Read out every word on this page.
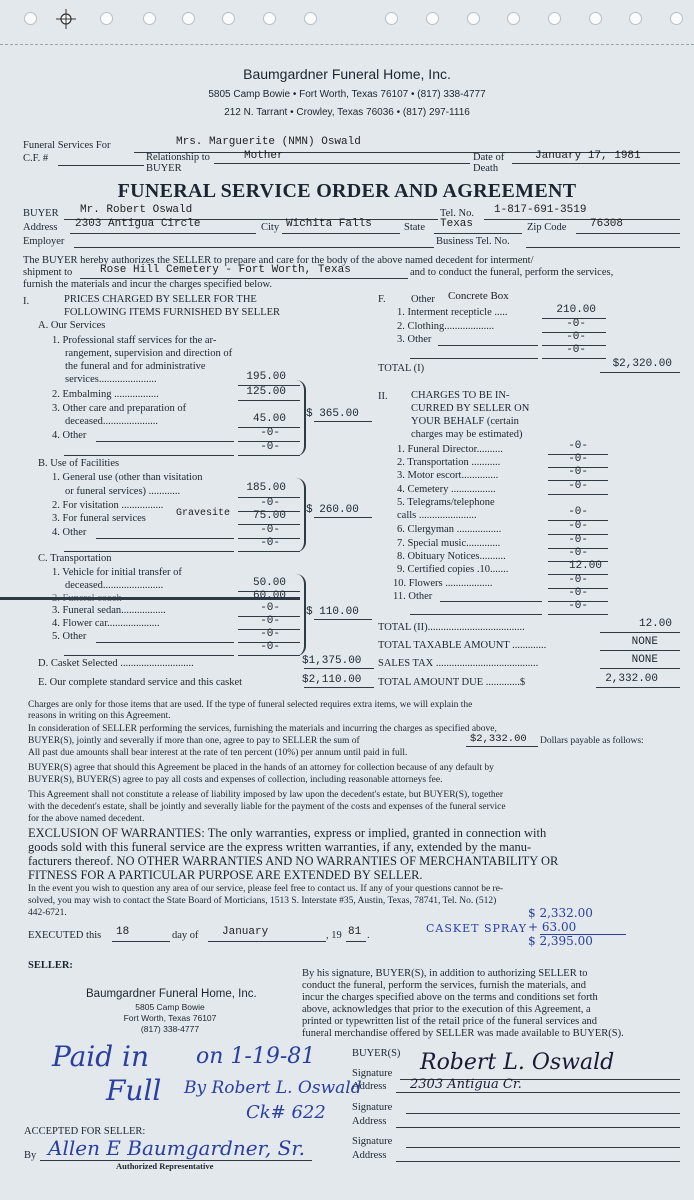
Baumgardner Funeral Home, Inc.
5805 Camp Bowie • Fort Worth, Texas 76107 • (817) 338-4777
212 N. Tarrant • Crowley, Texas 76036 • (817) 297-1116
Funeral Services For	Mrs. Marguerite (NMN) Oswald
C.F. #	Relationship to BUYER
Mother	Date of Death
January 17, 1981
FUNERAL SERVICE ORDER AND AGREEMENT
BUYER Mr. Robert Oswald	Tel. No. 1-817-691-3519
Address 2303 Antigua Circle	City Wichita Falls	State Texas	Zip Code 76308
Employer	Business Tel. No.
The BUYER hereby authorizes the SELLER to prepare and care for the body of the above named decedent for interment/
shipment to	Rose Hill Cemetery - Fort Worth, Texas	and to conduct the funeral, perform the services,
furnish the materials and incur the charges specified below.
I.	PRICES CHARGED BY SELLER FOR THE
FOLLOWING ITEMS FURNISHED BY SELLER
A. Our Services
1. Professional staff services for the ar-
rangement, supervision and direction of
the funeral and for administrative
services......................	195.00
2. Embalming .................	125.00
3. Other care and preparation of
deceased.....................	45.00
4. Other	-0-
-0-
$ 365.00
B. Use of Facilities
1. General use (other than visitation
or funeral services) ............	185.00
2. For visitation ................	-0-
3. For funeral services	Gravesite	75.00
4. Other	-0-
-0-
$ 260.00
C. Transportation
1. Vehicle for initial transfer of
deceased.......................	50.00
2. Funeral coach	60.00
3. Funeral sedan.................	-0-
4. Flower car....................	-0-
5. Other	-0-
-0-
$ 110.00
D. Casket Selected ............................	$1,375.00
E. Our complete standard service and this casket	$2,110.00
F. Other Concrete Box
1. Interment recepticle .....	210.00
2. Clothing...................	-0-
3. Other	-0-
-0-
TOTAL (I)	$2,320.00
II. CHARGES TO BE IN-
CURRED BY SELLER ON
YOUR BEHALF (certain
charges may be estimated)
1. Funeral Director..........	-0-
2. Transportation ...........	-0-
3. Motor escort..............	-0-
4. Cemetery .................	-0-
5. Telegrams/telephone
calls ......................	-0-
6. Clergyman .................	-0-
7. Special music.............	-0-
8. Obituary Notices..........	-0-
9. Certified copies .10.......	12.00
10. Flowers ..................	-0-
11. Other	-0-
-0-
TOTAL (II).....................................	12.00
TOTAL TAXABLE AMOUNT .............	NONE
SALES TAX .......................................	NONE
TOTAL AMOUNT DUE .............$	2,332.00
Charges are only for those items that are used. If the type of funeral selected requires extra items, we will explain the
reasons in writing on this Agreement.
In consideration of SELLER performing the services, furnishing the materials and incurring the charges as specified above,
BUYER(S), jointly and severally if more than one, agree to pay to SELLER the sum of	$2,332.00 Dollars payable as follows:
All past due amounts shall bear interest at the rate of ten percent (10%) per annum until paid in full.
BUYER(S) agree that should this Agreement be placed in the hands of an attorney for collection because of any default by
BUYER(S), BUYER(S) agree to pay all costs and expenses of collection, including reasonable attorneys fee.
This Agreement shall not constitute a release of liability imposed by law upon the decedent's estate, but BUYER(S), together
with the decedent's estate, shall be jointly and severally liable for the payment of the costs and expenses of the funeral service
for the above named decedent.
EXCLUSION OF WARRANTIES: The only warranties, express or implied, granted in connection with
goods sold with this funeral service are the express written warranties, if any, extended by the manu-
facturers thereof. NO OTHER WARRANTIES AND NO WARRANTIES OF MERCHANTABILITY OR
FITNESS FOR A PARTICULAR PURPOSE ARE EXTENDED BY SELLER.
In the event you wish to question any area of our service, please feel free to contact us. If any of your questions cannot be re-
solved, you may wish to contact the State Board of Morticians, 1513 S. Interstate #35, Austin, Texas, 78741, Tel. No. (512)
442-6721.
EXECUTED this 18	day of January	, 19 81 .
CASKET SPRAY
$ 2,332.00
+ 63.00
$ 2,395.00
SELLER:
Baumgardner Funeral Home, Inc.
5805 Camp Bowie
Fort Worth, Texas 76107
(817) 338-4777
By his signature, BUYER(S), in addition to authorizing SELLER to
conduct the funeral, perform the services, furnish the materials, and
incur the charges specified above on the terms and conditions set forth
above, acknowledges that prior to the execution of this Agreement, a
printed or typewritten list of the retail price of the funeral services and
funeral merchandise offered by SELLER was made available to BUYER(S).
BUYER(S)
Signature Robert L. Oswald
Address 2303 Antigua Cr.
Signature
Address
Signature
Address
Paid in on 1-19-81
Full By Robert L. Oswald
Ck# 622
ACCEPTED FOR SELLER:
By Allen E Baumgardner, Sr.
Authorized Representative
